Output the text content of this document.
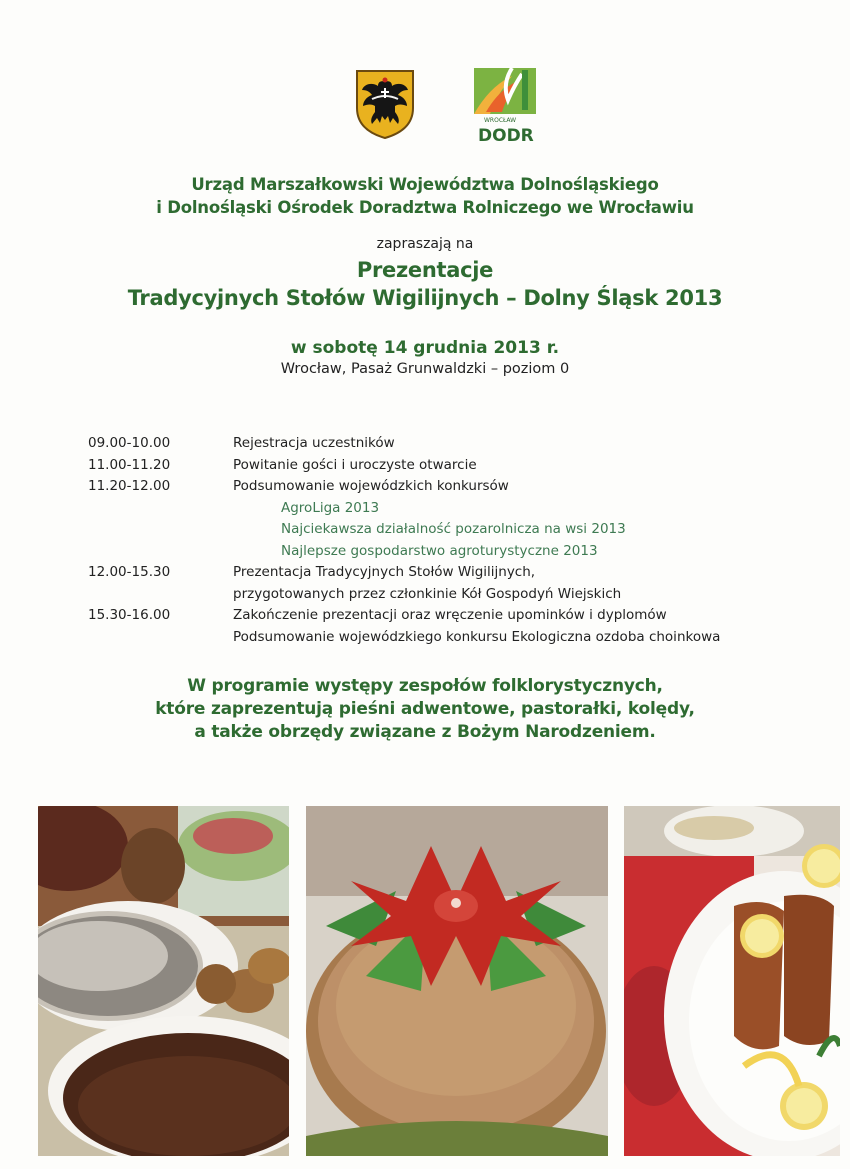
WROCŁAW
DODR
Urząd Marszałkowski Województwa Dolnośląskiego
i Dolnośląski Ośrodek Doradztwa Rolniczego we Wrocławiu
zapraszają na
Prezentacje
Tradycyjnych Stołów Wigilijnych – Dolny Śląsk 2013
w sobotę 14 grudnia 2013 r.
Wrocław, Pasaż Grunwaldzki – poziom 0
09.00-10.00	Rejestracja uczestników
11.00-11.20	Powitanie gości i uroczyste otwarcie
11.20-12.00	Podsumowanie wojewódzkich konkursów
AgroLiga 2013
Najciekawsza działalność pozarolnicza na wsi 2013
Najlepsze gospodarstwo agroturystyczne 2013
12.00-15.30	Prezentacja Tradycyjnych Stołów Wigilijnych,
przygotowanych przez członkinie Kół Gospodyń Wiejskich
15.30-16.00	Zakończenie prezentacji oraz wręczenie upominków i dyplomów
Podsumowanie wojewódzkiego konkursu Ekologiczna ozdoba choinkowa
W programie występy zespołów folklorystycznych,
które zaprezentują pieśni adwentowe, pastorałki, kolędy,
a także obrzędy związane z Bożym Narodzeniem.
